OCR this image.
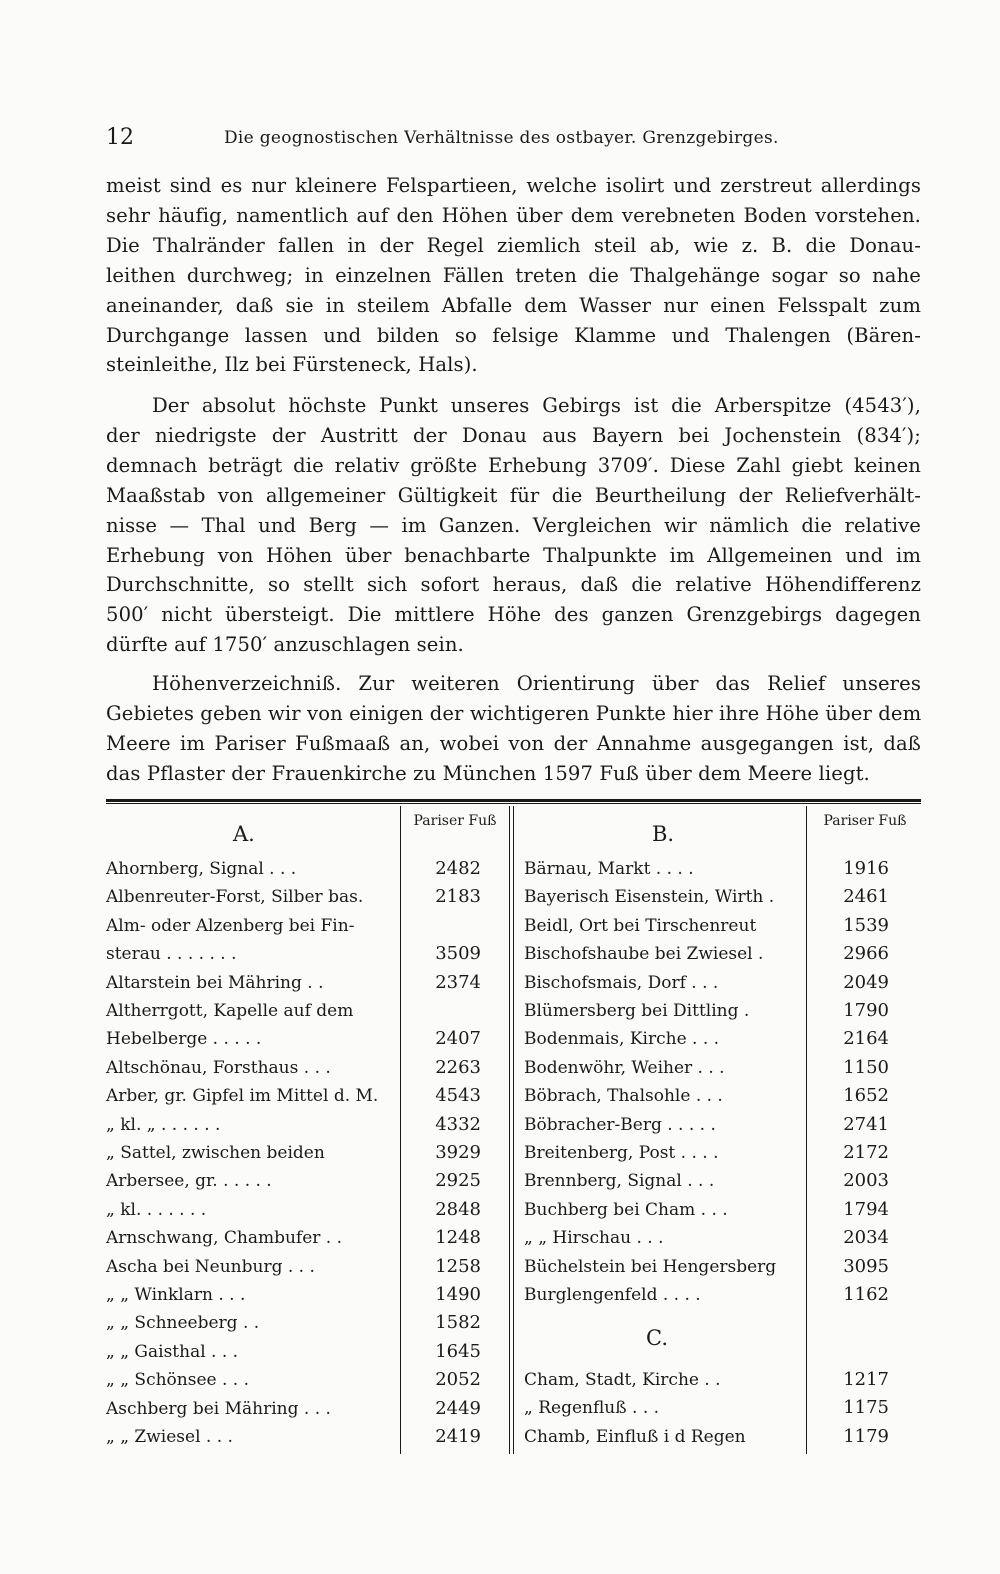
12	Die geognostischen Verhältnisse des ostbayer. Grenzgebirges.
meist sind es nur kleinere Felspartieen, welche isolirt und zerstreut allerdings
sehr häufig, namentlich auf den Höhen über dem verebneten Boden vorstehen.
Die Thalränder fallen in der Regel ziemlich steil ab, wie z. B. die Donau-
leithen durchweg; in einzelnen Fällen treten die Thalgehänge sogar so nahe
aneinander, daß sie in steilem Abfalle dem Wasser nur einen Felsspalt zum
Durchgange lassen und bilden so felsige Klamme und Thalengen (Bären-
steinleithe, Ilz bei Fürsteneck, Hals).
Der absolut höchste Punkt unseres Gebirgs ist die Arberspitze (4543′),
der niedrigste der Austritt der Donau aus Bayern bei Jochenstein (834′);
demnach beträgt die relativ größte Erhebung 3709′. Diese Zahl giebt keinen
Maaßstab von allgemeiner Gültigkeit für die Beurtheilung der Reliefverhält-
nisse — Thal und Berg — im Ganzen. Vergleichen wir nämlich die relative
Erhebung von Höhen über benachbarte Thalpunkte im Allgemeinen und im
Durchschnitte, so stellt sich sofort heraus, daß die relative Höhendifferenz
500′ nicht übersteigt. Die mittlere Höhe des ganzen Grenzgebirgs dagegen
dürfte auf 1750′ anzuschlagen sein.
Höhenverzeichniß. Zur weiteren Orientirung über das Relief unseres
Gebietes geben wir von einigen der wichtigeren Punkte hier ihre Höhe über dem
Meere im Pariser Fußmaaß an, wobei von der Annahme ausgegangen ist, daß
das Pflaster der Frauenkirche zu München 1597 Fuß über dem Meere liegt.
A.
Pariser Fuß
B.
Pariser Fuß
Ahornberg, Signal . . .	2482
Albenreuter-Forst, Silber bas.	2183
Alm- oder Alzenberg bei Fin-
sterau . . . . . . .	3509
Altarstein bei Mähring . .	2374
Altherrgott, Kapelle auf dem
Hebelberge . . . . .	2407
Altschönau, Forsthaus . . .	2263
Arber, gr. Gipfel im Mittel d. M.	4543
„ kl. „ . . . . . .	4332
„ Sattel, zwischen beiden	3929
Arbersee, gr. . . . . .	2925
„ kl. . . . . . .	2848
Arnschwang, Chambufer . .	1248
Ascha bei Neunburg . . .	1258
„ „ Winklarn . . .	1490
„ „ Schneeberg . .	1582
„ „ Gaisthal . . .	1645
„ „ Schönsee . . .	2052
Aschberg bei Mähring . . .	2449
„ „ Zwiesel . . .	2419
Bärnau, Markt . . . .	1916
Bayerisch Eisenstein, Wirth .	2461
Beidl, Ort bei Tirschenreut	1539
Bischofshaube bei Zwiesel .	2966
Bischofsmais, Dorf . . .	2049
Blümersberg bei Dittling .	1790
Bodenmais, Kirche . . .	2164
Bodenwöhr, Weiher . . .	1150
Böbrach, Thalsohle . . .	1652
Böbracher-Berg . . . . .	2741
Breitenberg, Post . . . .	2172
Brennberg, Signal . . .	2003
Buchberg bei Cham . . .	1794
„ „ Hirschau . . .	2034
Büchelstein bei Hengersberg	3095
Burglengenfeld . . . .	1162
Cham, Stadt, Kirche . .	1217
„ Regenfluß . . .	1175
Chamb, Einfluß i d Regen	1179
C.
